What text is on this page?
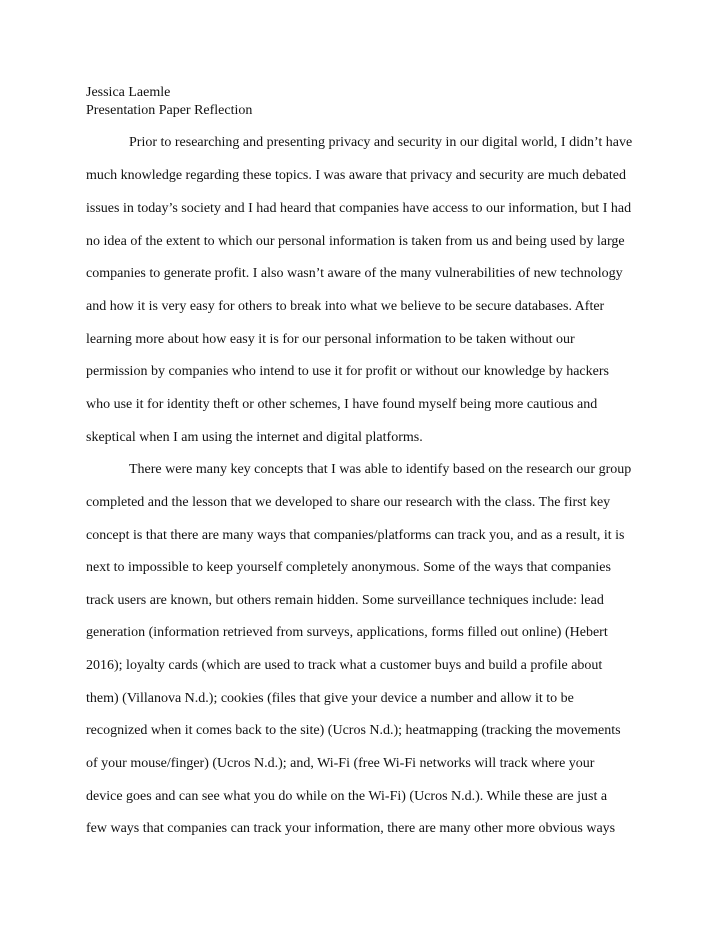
Jessica Laemle
Presentation Paper Reflection
Prior to researching and presenting privacy and security in our digital world, I didn’t have
much knowledge regarding these topics. I was aware that privacy and security are much debated
issues in today’s society and I had heard that companies have access to our information, but I had
no idea of the extent to which our personal information is taken from us and being used by large
companies to generate profit. I also wasn’t aware of the many vulnerabilities of new technology
and how it is very easy for others to break into what we believe to be secure databases. After
learning more about how easy it is for our personal information to be taken without our
permission by companies who intend to use it for profit or without our knowledge by hackers
who use it for identity theft or other schemes, I have found myself being more cautious and
skeptical when I am using the internet and digital platforms.
There were many key concepts that I was able to identify based on the research our group
completed and the lesson that we developed to share our research with the class. The first key
concept is that there are many ways that companies/platforms can track you, and as a result, it is
next to impossible to keep yourself completely anonymous. Some of the ways that companies
track users are known, but others remain hidden. Some surveillance techniques include: lead
generation (information retrieved from surveys, applications, forms filled out online) (Hebert
2016); loyalty cards (which are used to track what a customer buys and build a profile about
them) (Villanova N.d.); cookies (files that give your device a number and allow it to be
recognized when it comes back to the site) (Ucros N.d.); heatmapping (tracking the movements
of your mouse/finger) (Ucros N.d.); and, Wi-Fi (free Wi-Fi networks will track where your
device goes and can see what you do while on the Wi-Fi) (Ucros N.d.). While these are just a
few ways that companies can track your information, there are many other more obvious ways
